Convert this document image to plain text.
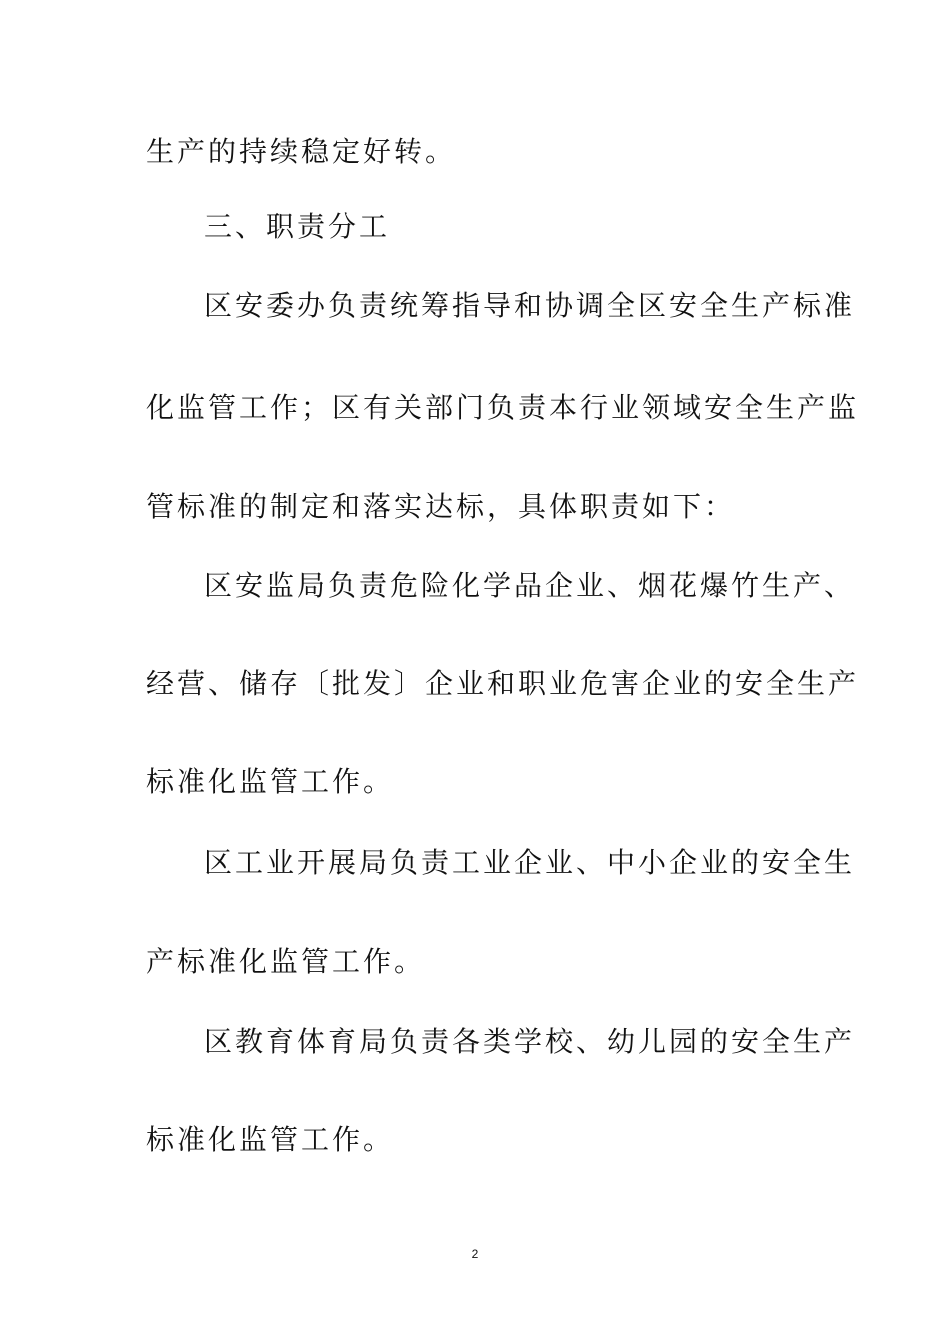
生产的持续稳定好转。
三、职责分工
区安委办负责统筹指导和协调全区安全生产标准
化监管工作；区有关部门负责本行业领域安全生产监
管标准的制定和落实达标，具体职责如下：
区安监局负责危险化学品企业、烟花爆竹生产、
经营、储存〔批发〕企业和职业危害企业的安全生产
标准化监管工作。
区工业开展局负责工业企业、中小企业的安全生
产标准化监管工作。
区教育体育局负责各类学校、幼儿园的安全生产
标准化监管工作。
2
